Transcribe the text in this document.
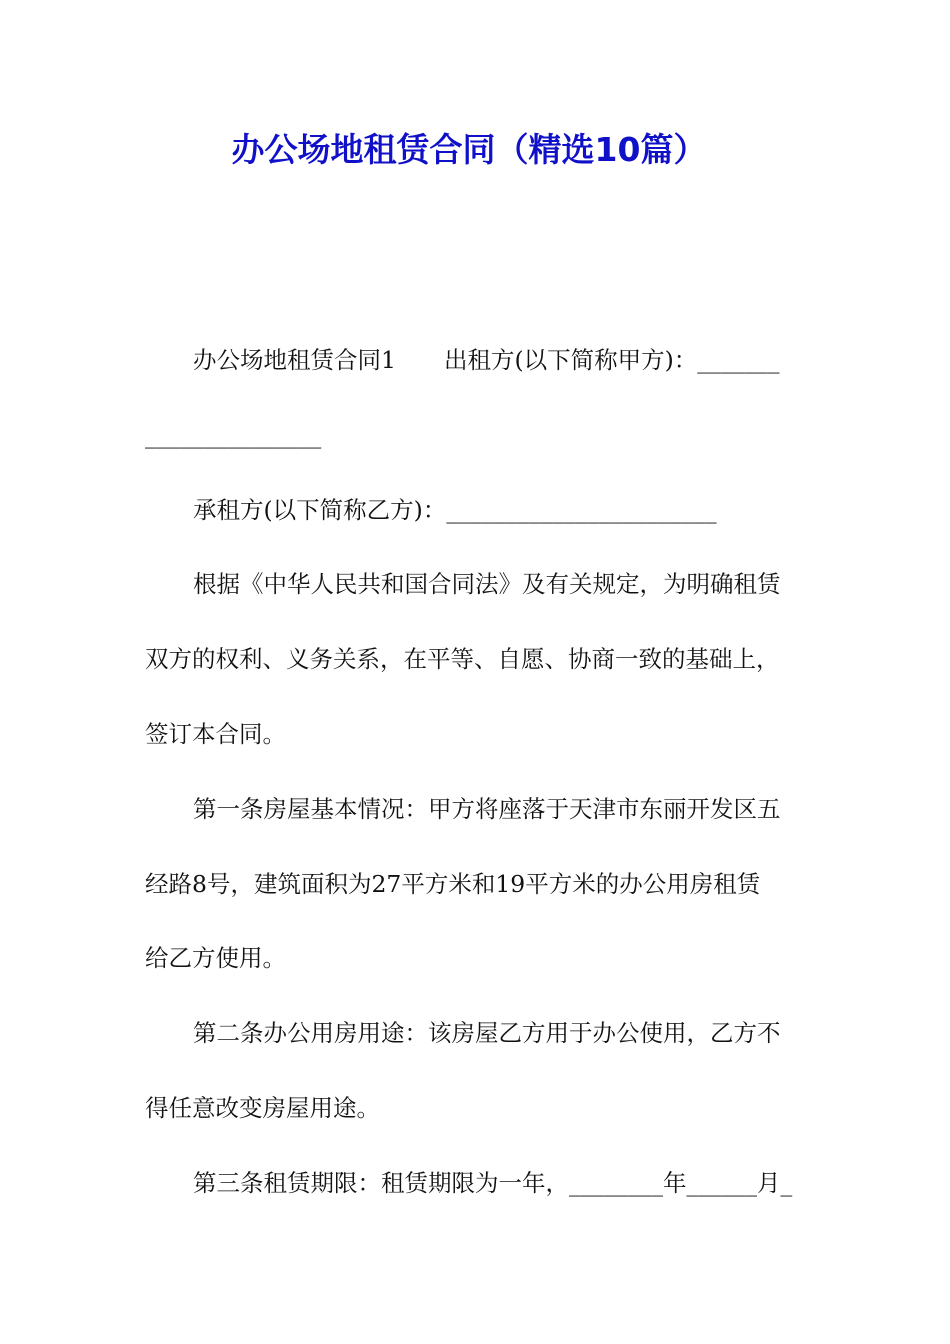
办公场地租赁合同（精选10篇）
办公场地租赁合同1 出租方(以下简称甲方)：_______
_______________
承租方(以下简称乙方)：_______________________
根据《中华人民共和国合同法》及有关规定，为明确租赁
双方的权利、义务关系，在平等、自愿、协商一致的基础上，
签订本合同。
第一条房屋基本情况：甲方将座落于天津市东丽开发区五
经路8号，建筑面积为27平方米和19平方米的办公用房租赁
给乙方使用。
第二条办公用房用途：该房屋乙方用于办公使用，乙方不
得任意改变房屋用途。
第三条租赁期限：租赁期限为一年，________年______月_
